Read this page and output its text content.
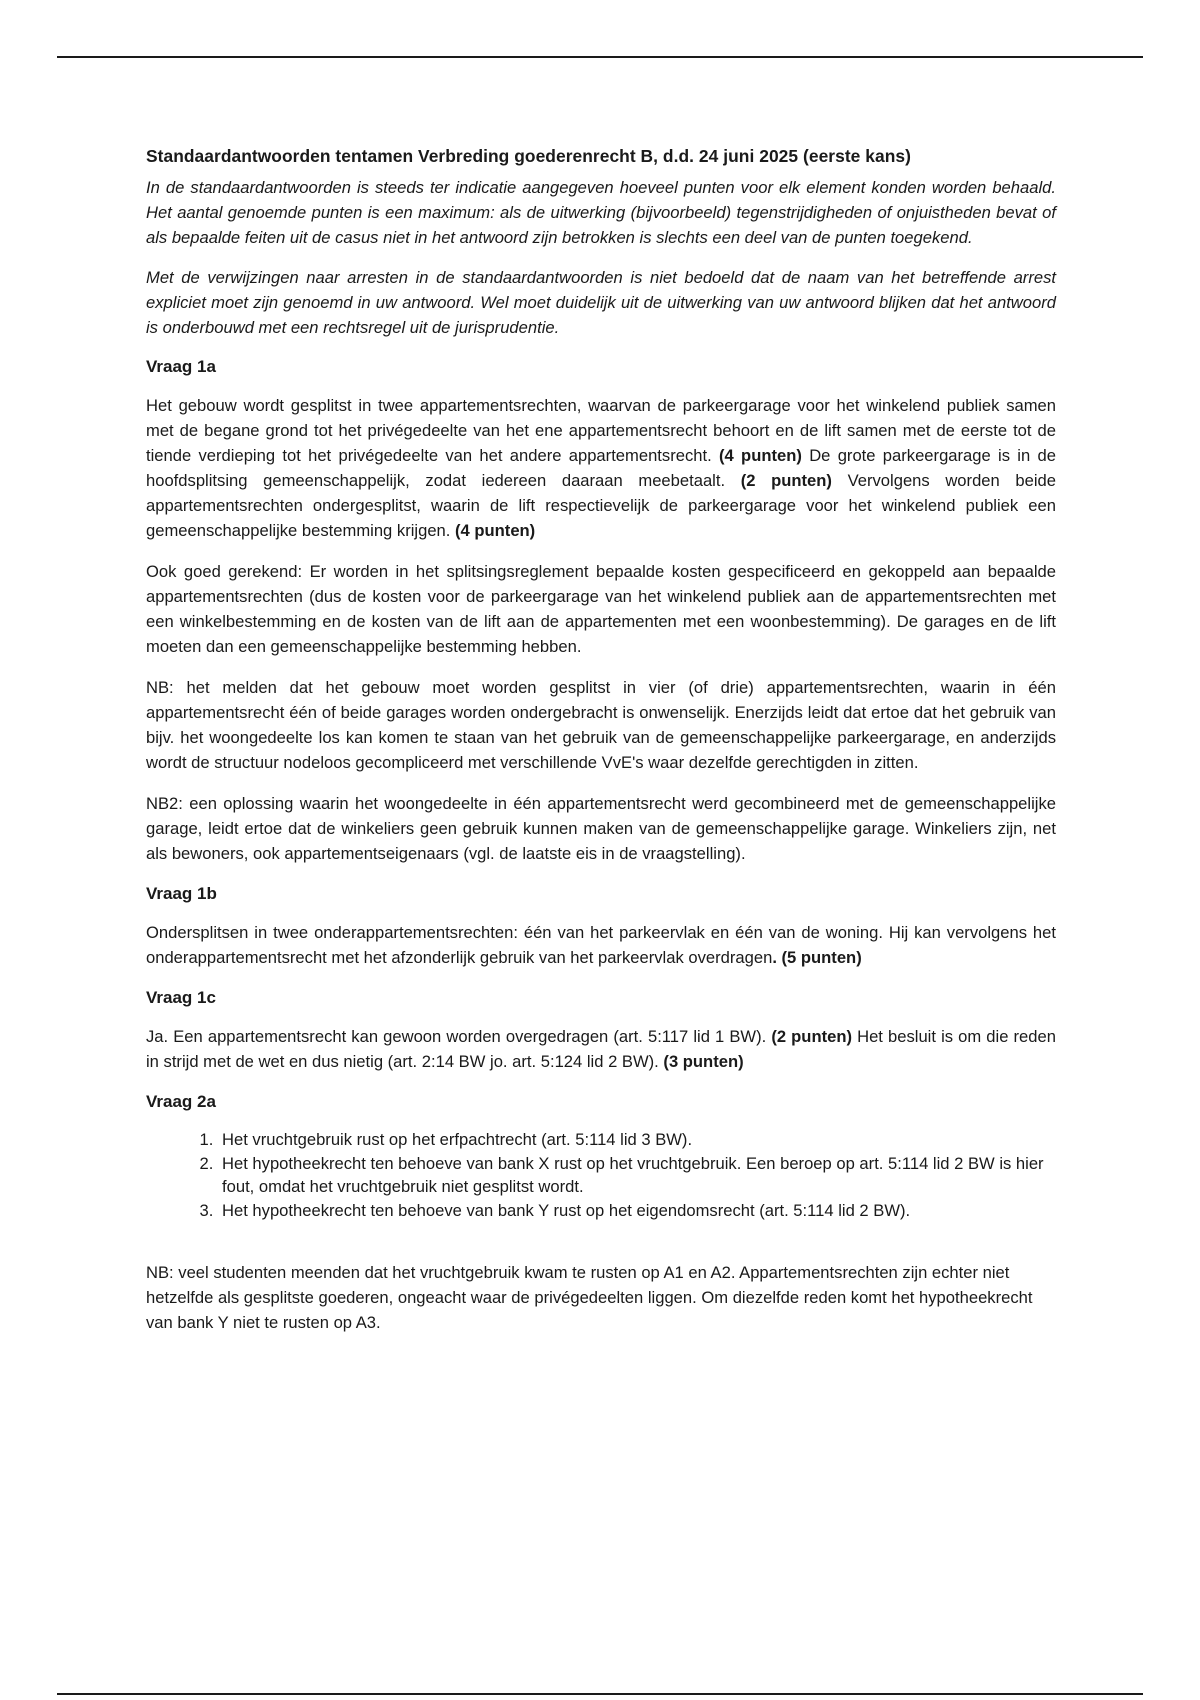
Standaardantwoorden tentamen Verbreding goederenrecht B, d.d. 24 juni 2025 (eerste kans)

In de standaardantwoorden is steeds ter indicatie aangegeven hoeveel punten voor elk element konden worden behaald. Het aantal genoemde punten is een maximum: als de uitwerking (bijvoorbeeld) tegenstrijdigheden of onjuistheden bevat of als bepaalde feiten uit de casus niet in het antwoord zijn betrokken is slechts een deel van de punten toegekend.

Met de verwijzingen naar arresten in de standaardantwoorden is niet bedoeld dat de naam van het betreffende arrest expliciet moet zijn genoemd in uw antwoord. Wel moet duidelijk uit de uitwerking van uw antwoord blijken dat het antwoord is onderbouwd met een rechtsregel uit de jurisprudentie.

Vraag 1a

Het gebouw wordt gesplitst in twee appartementsrechten, waarvan de parkeergarage voor het winkelend publiek samen met de begane grond tot het privégedeelte van het ene appartementsrecht behoort en de lift samen met de eerste tot de tiende verdieping tot het privégedeelte van het andere appartementsrecht. (4 punten) De grote parkeergarage is in de hoofdsplitsing gemeenschappelijk, zodat iedereen daaraan meebetaalt. (2 punten) Vervolgens worden beide appartementsrechten ondergesplitst, waarin de lift respectievelijk de parkeergarage voor het winkelend publiek een gemeenschappelijke bestemming krijgen. (4 punten)

Ook goed gerekend: Er worden in het splitsingsreglement bepaalde kosten gespecificeerd en gekoppeld aan bepaalde appartementsrechten (dus de kosten voor de parkeergarage van het winkelend publiek aan de appartementsrechten met een winkelbestemming en de kosten van de lift aan de appartementen met een woonbestemming). De garages en de lift moeten dan een gemeenschappelijke bestemming hebben.

NB: het melden dat het gebouw moet worden gesplitst in vier (of drie) appartementsrechten, waarin in één appartementsrecht één of beide garages worden ondergebracht is onwenselijk. Enerzijds leidt dat ertoe dat het gebruik van bijv. het woongedeelte los kan komen te staan van het gebruik van de gemeenschappelijke parkeergarage, en anderzijds wordt de structuur nodeloos gecompliceerd met verschillende VvE's waar dezelfde gerechtigden in zitten.

NB2: een oplossing waarin het woongedeelte in één appartementsrecht werd gecombineerd met de gemeenschappelijke garage, leidt ertoe dat de winkeliers geen gebruik kunnen maken van de gemeenschappelijke garage. Winkeliers zijn, net als bewoners, ook appartementseigenaars (vgl. de laatste eis in de vraagstelling).

Vraag 1b

Ondersplitsen in twee onderappartementsrechten: één van het parkeervlak en één van de woning. Hij kan vervolgens het onderappartementsrecht met het afzonderlijk gebruik van het parkeervlak overdragen. (5 punten)

Vraag 1c

Ja. Een appartementsrecht kan gewoon worden overgedragen (art. 5:117 lid 1 BW). (2 punten) Het besluit is om die reden in strijd met de wet en dus nietig (art. 2:14 BW jo. art. 5:124 lid 2 BW). (3 punten)

Vraag 2a
1. Het vruchtgebruik rust op het erfpachtrecht (art. 5:114 lid 3 BW).
2. Het hypotheekrecht ten behoeve van bank X rust op het vruchtgebruik. Een beroep op art. 5:114 lid 2 BW is hier fout, omdat het vruchtgebruik niet gesplitst wordt.
3. Het hypotheekrecht ten behoeve van bank Y rust op het eigendomsrecht (art. 5:114 lid 2 BW).

NB: veel studenten meenden dat het vruchtgebruik kwam te rusten op A1 en A2. Appartementsrechten zijn echter niet hetzelfde als gesplitste goederen, ongeacht waar de privégedeelten liggen. Om diezelfde reden komt het hypotheekrecht van bank Y niet te rusten op A3.
